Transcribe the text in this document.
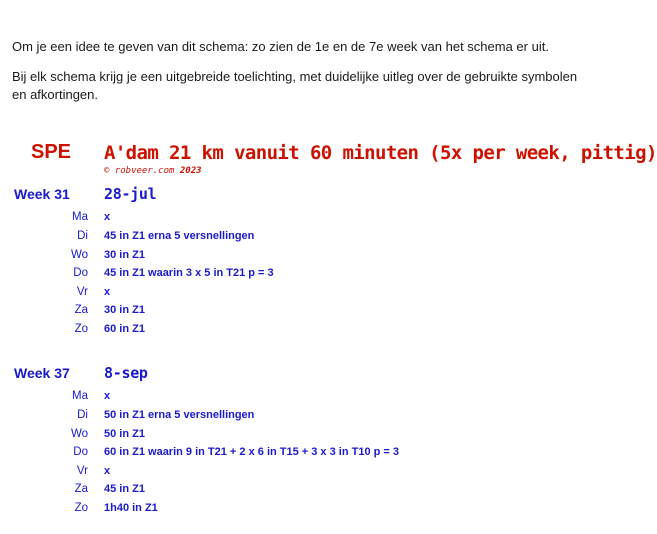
Om je een idee te geven van dit schema: zo zien de 1e en de 7e week van het schema er uit.
Bij elk schema krijg je een uitgebreide toelichting, met duidelijke uitleg over de gebruikte symbolen en afkortingen.
SPE A'dam 21 km vanuit 60 minuten (5x per week, pittig)
© robveer.com 2023
Week 31 28-jul
Ma x
Di 45 in Z1 erna 5 versnellingen
Wo 30 in Z1
Do 45 in Z1 waarin 3 x 5 in T21 p = 3
Vr x
Za 30 in Z1
Zo 60 in Z1
Week 37 8-sep
Ma x
Di 50 in Z1 erna 5 versnellingen
Wo 50 in Z1
Do 60 in Z1 waarin 9 in T21 + 2 x 6 in T15 + 3 x 3 in T10 p = 3
Vr x
Za 45 in Z1
Zo 1h40 in Z1
